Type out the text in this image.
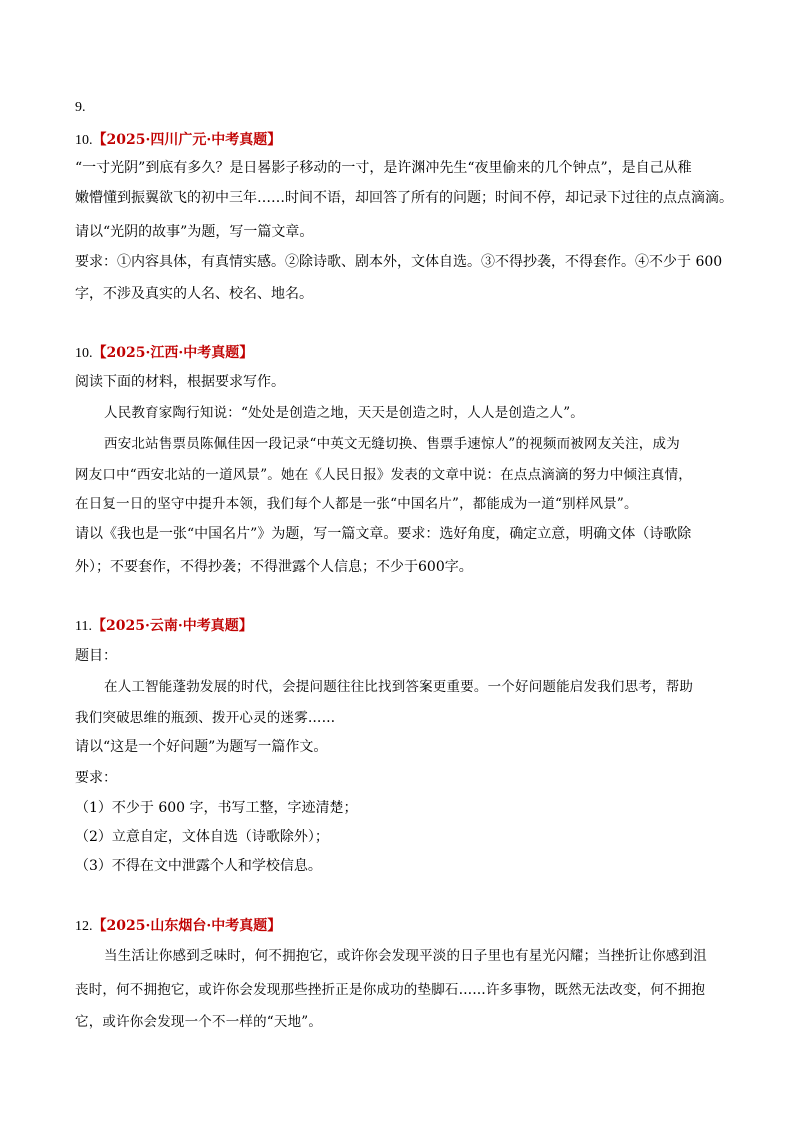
9.
10.【2025·四川广元·中考真题】
“一寸光阴”到底有多久？是日晷影子移动的一寸，是许渊冲先生“夜里偷来的几个钟点”，是自己从稚
嫩懵懂到振翼欲飞的初中三年……时间不语，却回答了所有的问题；时间不停，却记录下过往的点点滴滴。
请以“光阴的故事”为题，写一篇文章。
要求：①内容具体，有真情实感。②除诗歌、剧本外，文体自选。③不得抄袭，不得套作。④不少于 600
字，不涉及真实的人名、校名、地名。
10.【2025·江西·中考真题】
阅读下面的材料，根据要求写作。
人民教育家陶行知说：“处处是创造之地，天天是创造之时，人人是创造之人”。
西安北站售票员陈佩佳因一段记录“中英文无缝切换、售票手速惊人”的视频而被网友关注，成为
网友口中“西安北站的一道风景”。她在《人民日报》发表的文章中说：在点点滴滴的努力中倾注真情，
在日复一日的坚守中提升本领，我们每个人都是一张“中国名片”，都能成为一道“别样风景”。
请以《我也是一张“中国名片”》为题，写一篇文章。要求：选好角度，确定立意，明确文体（诗歌除
外）；不要套作，不得抄袭；不得泄露个人信息；不少于600字。
11.【2025·云南·中考真题】
题目：
在人工智能蓬勃发展的时代，会提问题往往比找到答案更重要。一个好问题能启发我们思考，帮助
我们突破思维的瓶颈、拨开心灵的迷雾……
请以“这是一个好问题”为题写一篇作文。
要求：
（1）不少于 600 字，书写工整，字迹清楚；
（2）立意自定，文体自选（诗歌除外）；
（3）不得在文中泄露个人和学校信息。
12.【2025·山东烟台·中考真题】
当生活让你感到乏味时，何不拥抱它，或许你会发现平淡的日子里也有星光闪耀；当挫折让你感到沮
丧时，何不拥抱它，或许你会发现那些挫折正是你成功的垫脚石……许多事物，既然无法改变，何不拥抱
它，或许你会发现一个不一样的“天地”。
